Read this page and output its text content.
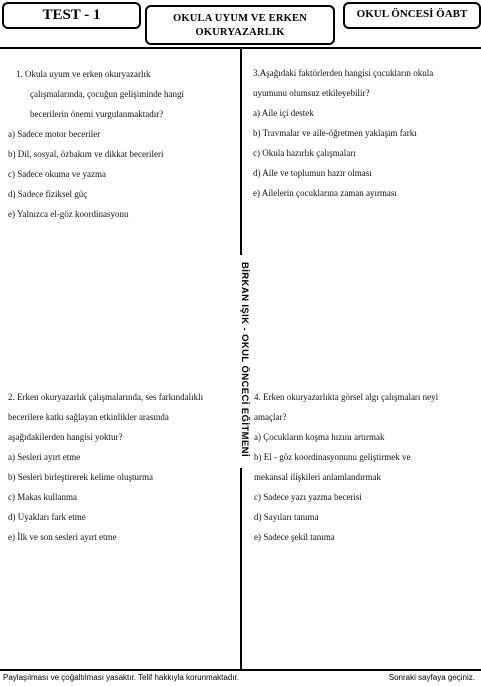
TEST - 1	OKULA UYUM VE ERKEN
OKURYAZARLIK
OKUL ÖNCESİ ÖABT
BİRKAN IŞIK - OKUL ÖNCECİ EĞİTMENİ
1. Okula uyum ve erken okuryazarlık
çalışmalarında, çocuğun gelişiminde hangi
becerilerin önemi vurgulanmaktadır?
a) Sadece motor beceriler
b) Dil, sosyal, özbakım ve dikkat becerileri
c) Sadece okuma ve yazma
d) Sadece fiziksel güç
e) Yalnızca el-göz koordinasyonu
3.Aşağıdaki faktörlerden hangisi çocukların okula
uyumunu olumsuz etkileyebilir?
a) Aile içi destek
b) Travmalar ve aile-öğretmen yaklaşım farkı
c) Okula hazırlık çalışmaları
d) Aile ve toplumun hazır olması
e) Ailelerin çocuklarına zaman ayırması
2. Erken okuryazarlık çalışmalarında, ses farkındalıklı
becerilere katkı sağlayan etkinlikler arasında
aşağıdakilerden hangisi yoktur?
a) Sesleri ayırt etme
b) Sesleri birleştirerek kelime oluşturma
c) Makas kullanma
d) Uyakları fark etme
e) İlk ve son sesleri ayırt etme
4. Erken okuryazarlıkta görsel algı çalışmaları neyi
amaçlar?
a) Çocukların koşma hızını artırmak
b) El - göz koordinasyonunu geliştirmek ve
mekansal ilişkileri anlamlandırmak
c) Sadece yazı yazma becerisi
d) Sayıları tanıma
e) Sadece şekil tanıma
Paylaşılması ve çoğaltılması yasaktır. Telif hakkıyla korunmaktadır.	Sonraki sayfaya geçiniz.
